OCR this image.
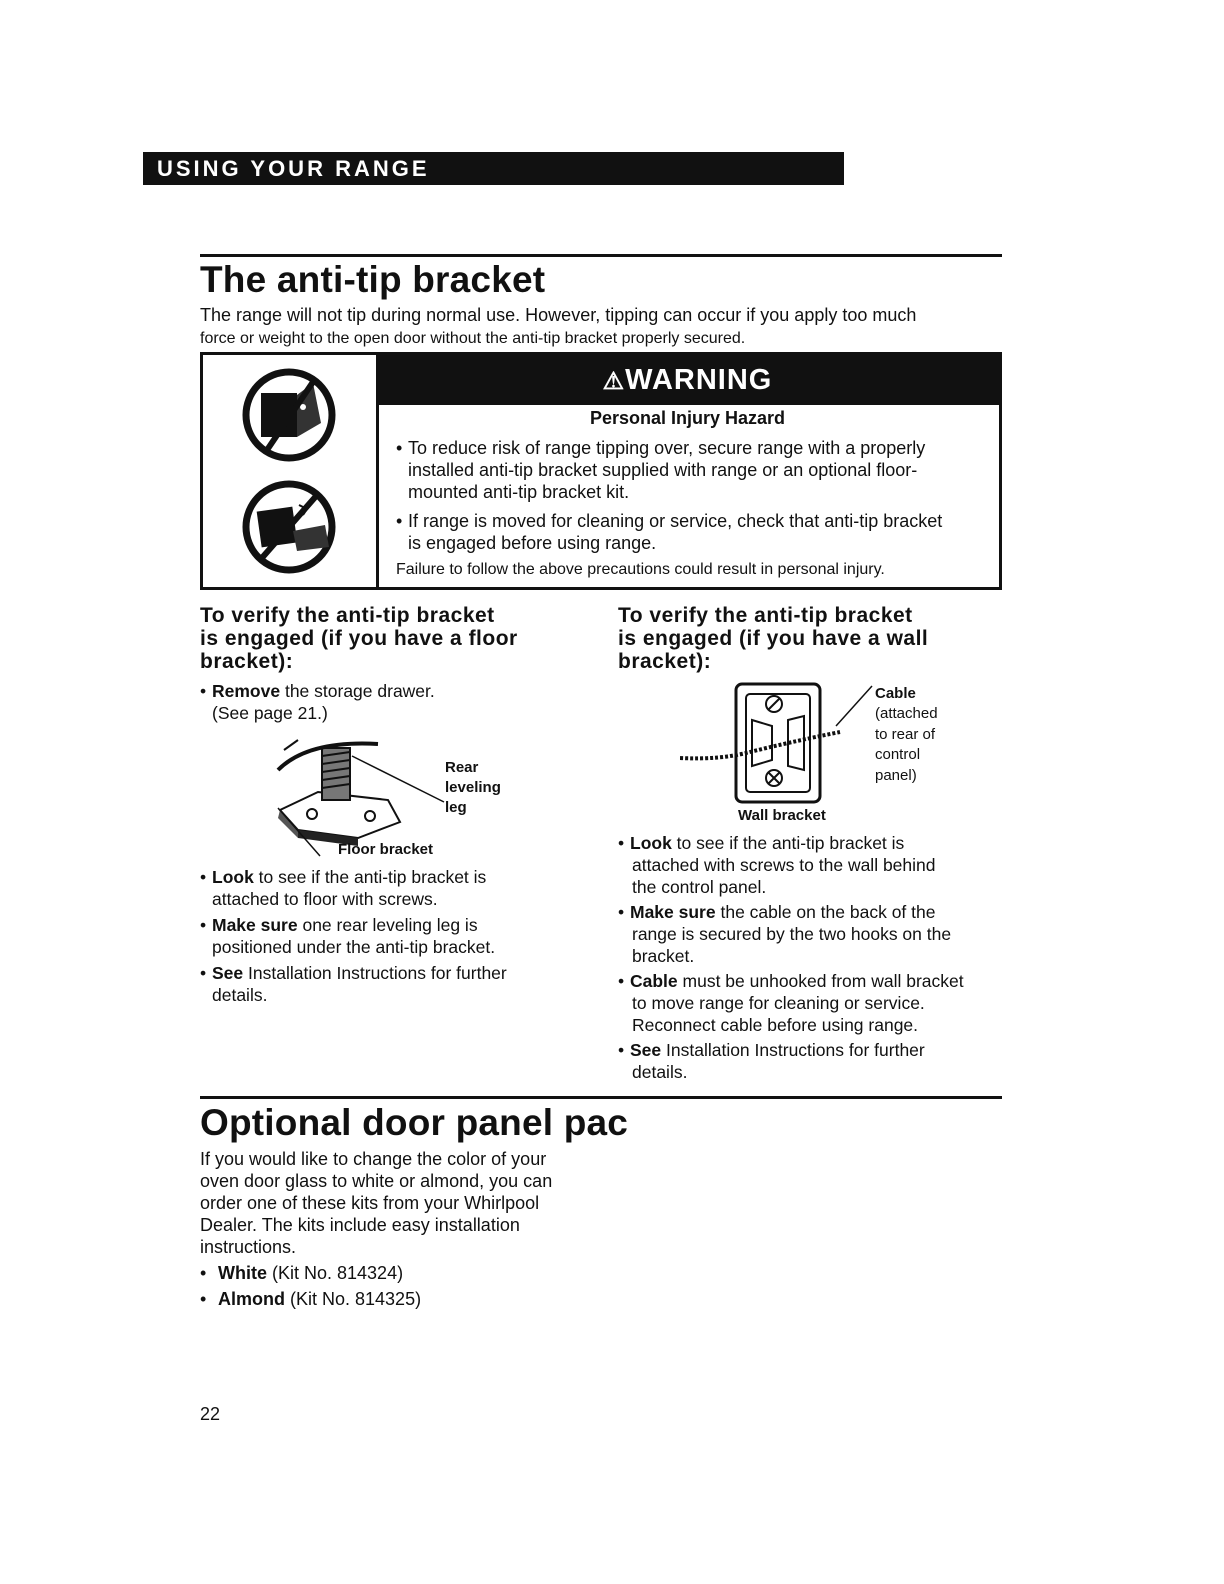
USING YOUR RANGE
The anti-tip bracket
The range will not tip during normal use. However, tipping can occur if you apply too much
force or weight to the open door without the anti-tip bracket properly secured.
⚠WARNING
Personal Injury Hazard
• To reduce risk of range tipping over, secure range with a properly
installed anti-tip bracket supplied with range or an optional floor-
mounted anti-tip bracket kit.
• If range is moved for cleaning or service, check that anti-tip bracket
is engaged before using range.
Failure to follow the above precautions could result in personal injury.
To verify the anti-tip bracket
is engaged (if you have a floor
bracket):
• Remove the storage drawer.
(See page 21.)
Rear
leveling
leg
Floor bracket
• Look to see if the anti-tip bracket is
attached to floor with screws.
• Make sure one rear leveling leg is
positioned under the anti-tip bracket.
• See Installation Instructions for further
details.
To verify the anti-tip bracket
is engaged (if you have a wall
bracket):
Cable
(attached
to rear of
control
panel)
Wall bracket
• Look to see if the anti-tip bracket is
attached with screws to the wall behind
the control panel.
• Make sure the cable on the back of the
range is secured by the two hooks on the
bracket.
• Cable must be unhooked from wall bracket
to move range for cleaning or service.
Reconnect cable before using range.
• See Installation Instructions for further
details.
Optional door panel pac
If you would like to change the color of your
oven door glass to white or almond, you can
order one of these kits from your Whirlpool
Dealer. The kits include easy installation
instructions.
• White (Kit No. 814324)
• Almond (Kit No. 814325)
22
